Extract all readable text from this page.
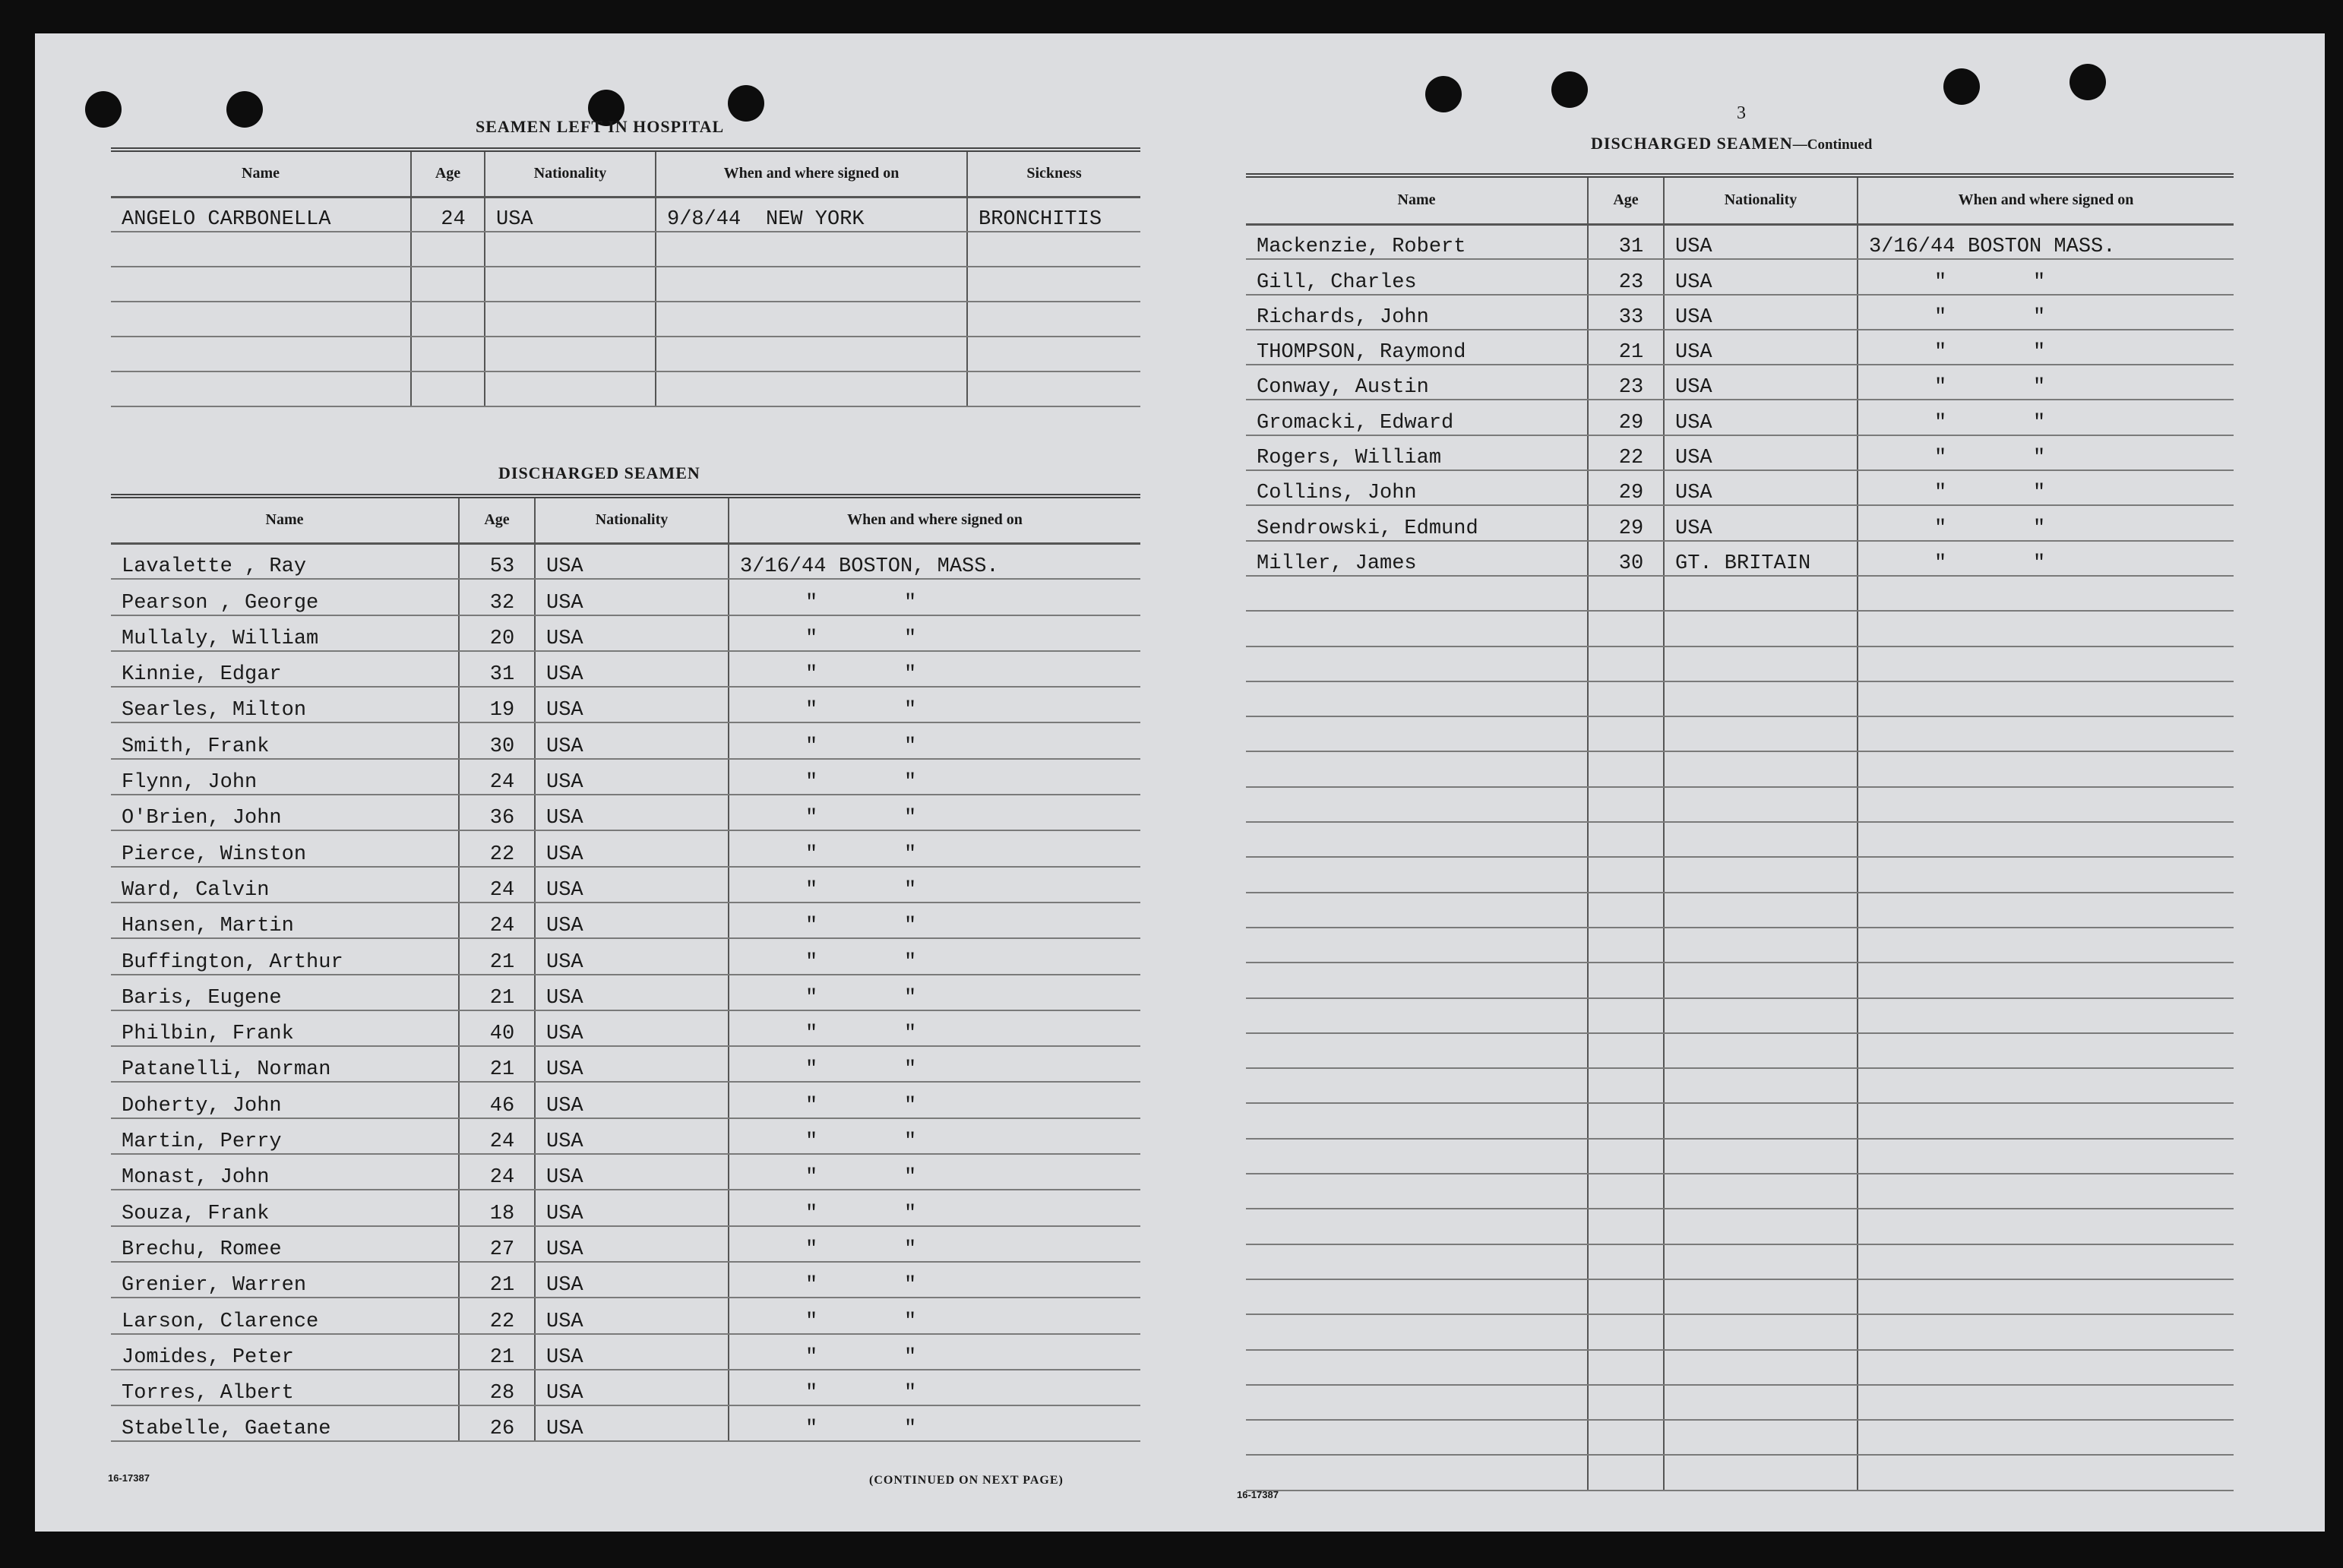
SEAMEN LEFT IN HOSPITAL
Name	Age	Nationality	When and where signed on	Sickness
ANGELO CARBONELLA	24	USA	9/8/44 NEW YORK	BRONCHITIS

DISCHARGED SEAMEN
Name	Age	Nationality	When and where signed on
Lavalette , Ray	53	USA	3/16/44 BOSTON, MASS.
Pearson , George	32	USA	" "
Mullaly, William	20	USA	" "
Kinnie, Edgar	31	USA	" "
Searles, Milton	19	USA	" "
Smith, Frank	30	USA	" "
Flynn, John	24	USA	" "
O'Brien, John	36	USA	" "
Pierce, Winston	22	USA	" "
Ward, Calvin	24	USA	" "
Hansen, Martin	24	USA	" "
Buffington, Arthur	21	USA	" "
Baris, Eugene	21	USA	" "
Philbin, Frank	40	USA	" "
Patanelli, Norman	21	USA	" "
Doherty, John	46	USA	" "
Martin, Perry	24	USA	" "
Monast, John	24	USA	" "
Souza, Frank	18	USA	" "
Brechu, Romee	27	USA	" "
Grenier, Warren	21	USA	" "
Larson, Clarence	22	USA	" "
Jomides, Peter	21	USA	" "
Torres, Albert	28	USA	" "
Stabelle, Gaetane	26	USA	" "
16-17387	(CONTINUED ON NEXT PAGE)
3
DISCHARGED SEAMEN—Continued
Name	Age	Nationality	When and where signed on
Mackenzie, Robert	31	USA	3/16/44 BOSTON MASS.
Gill, Charles	23	USA	" "
Richards, John	33	USA	" "
THOMPSON, Raymond	21	USA	" "
Conway, Austin	23	USA	" "
Gromacki, Edward	29	USA	" "
Rogers, William	22	USA	" "
Collins, John	29	USA	" "
Sendrowski, Edmund	29	USA	" "
Miller, James	30	GT. BRITAIN	" "

16-17387
